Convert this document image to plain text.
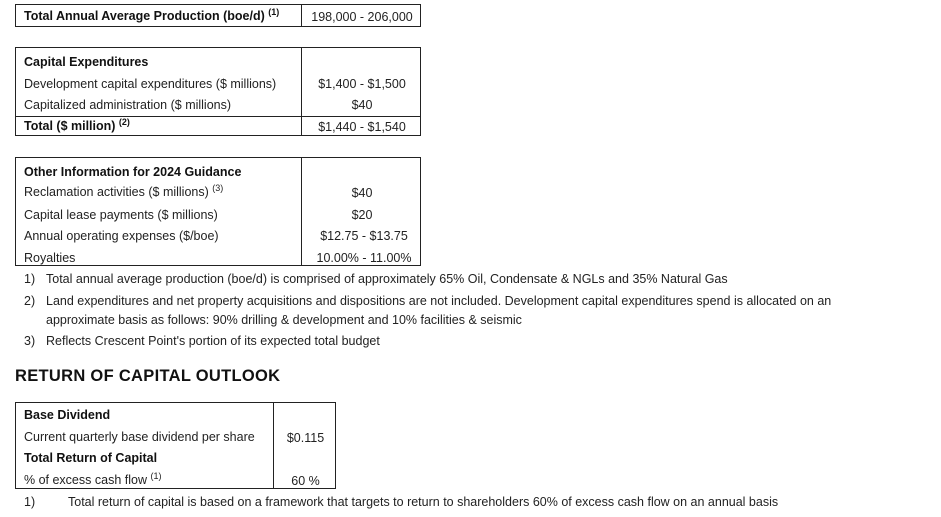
Total Annual Average Production (boe/d) $^{(1)}$	198,000 - 206,000
Capital Expenditures
Development capital expenditures ($ millions)	$1,400 - $1,500
Capitalized administration ($ millions)	$40
Total ($ million) $^{(2)}$	$1,440 - $1,540
Other Information for 2024 Guidance
Reclamation activities ($ millions) $^{(3)}$	$40
Capital lease payments ($ millions)	$20
Annual operating expenses ($/boe)	$12.75 - $13.75
Royalties	10.00% - 11.00%
1) Total annual average production (boe/d) is comprised of approximately 65% Oil, Condensate & NGLs and 35% Natural Gas
2) Land expenditures and net property acquisitions and dispositions are not included. Development capital expenditures spend is allocated on an
approximate basis as follows: 90% drilling & development and 10% facilities & seismic
3) Reflects Crescent Point's portion of its expected total budget
RETURN OF CAPITAL OUTLOOK
Base Dividend
Current quarterly base dividend per share	$0.115
Total Return of Capital
% of excess cash flow $^{(1)}$	60 %
1)	Total return of capital is based on a framework that targets to return to shareholders 60% of excess cash flow on an annual basis
